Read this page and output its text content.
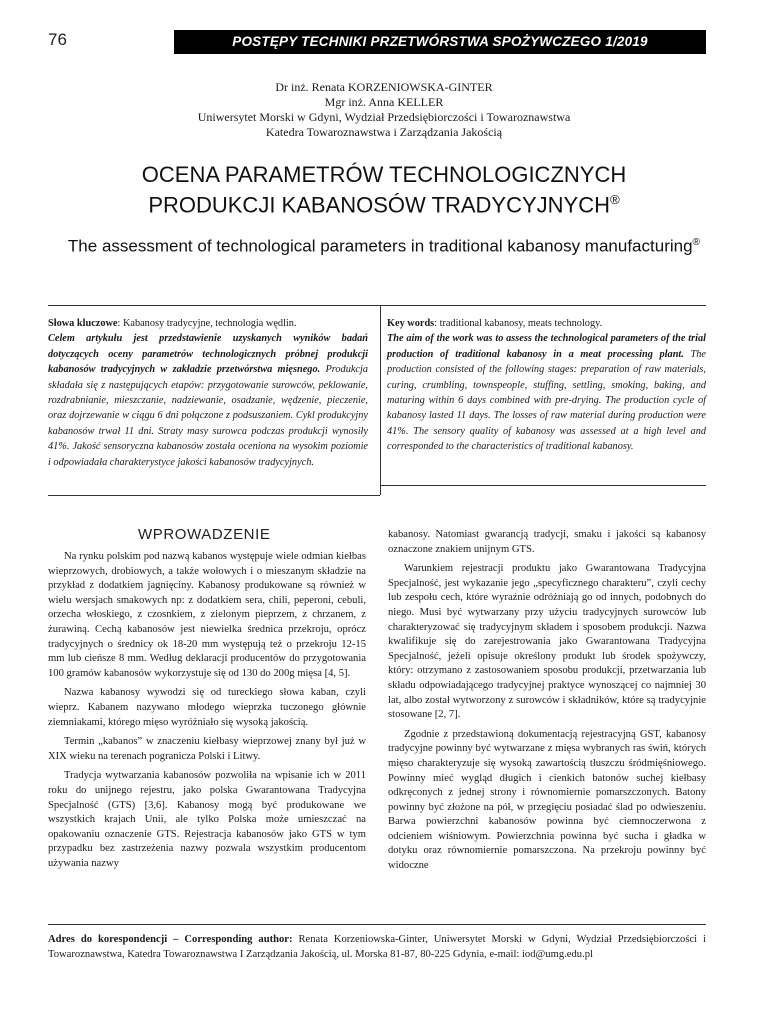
76	POSTĘPY TECHNIKI PRZETWÓRSTWA SPOŻYWCZEGO 1/2019
Dr inż. Renata KORZENIOWSKA-GINTER
Mgr inż. Anna KELLER
Uniwersytet Morski w Gdyni, Wydział Przedsiębiorczości i Towaroznawstwa
Katedra Towaroznawstwa i Zarządzania Jakością
OCENA PARAMETRÓW TECHNOLOGICZNYCH
PRODUKCJI KABANOSÓW TRADYCYJNYCH®
The assessment of technological parameters in traditional kabanosy manufacturing®
Słowa kluczowe: Kabanosy tradycyjne, technologia wędlin.
Celem artykułu jest przedstawienie uzyskanych wyników badań dotyczących oceny parametrów technologicznych próbnej produkcji kabanosów tradycyjnych w zakładzie przetwórstwa mięsnego. Produkcja składała się z następujących etapów: przygotowanie surowców, peklowanie, rozdrabnianie, mieszczanie, nadziewanie, osadzanie, wędzenie, pieczenie, oraz dojrzewanie w ciągu 6 dni połączone z podsuszaniem. Cykl produkcyjny kabanosów trwał 11 dni. Straty masy surowca podczas produkcji wynosiły 41%. Jakość sensoryczna kabanosów została oceniona na wysokim poziomie i odpowiadała charakterystyce jakości kabanosów tradycyjnych.
Key words: traditional kabanosy, meats technology.
The aim of the work was to assess the technological parameters of the trial production of traditional kabanosy in a meat processing plant. The production consisted of the following stages: preparation of raw materials, curing, crumbling, townspeople, stuffing, settling, smoking, baking, and maturing within 6 days combined with pre-drying. The production cycle of kabanosy lasted 11 days. The losses of raw material during production were 41%. The sensory quality of kabanosy was assessed at a high level and corresponded to the characteristics of traditional kabanosy.
WPROWADZENIE

Na rynku polskim pod nazwą kabanos występuje wiele odmian kiełbas wieprzowych, drobiowych, a także wołowych i o mieszanym składzie na przykład z dodatkiem jagnięciny. Kabanosy produkowane są również w wielu wersjach smakowych np: z dodatkiem sera, chili, peperoni, cebuli, orzecha włoskiego, z czosnkiem, z zielonym pieprzem, z chrzanem, z żurawiną. Cechą kabanosów jest niewielka średnica przekroju, oprócz tradycyjnych o średnicy ok 18-20 mm występują też o przekroju 12-15 mm lub cieńsze 8 mm. Według deklaracji producentów do przygotowania 100 gramów kabanosów wykorzystuje się od 130 do 200g mięsa [4, 5].

Nazwa kabanosy wywodzi się od tureckiego słowa kaban, czyli wieprz. Kabanem nazywano młodego wieprzka tuczonego głównie ziemniakami, którego mięso wyróżniało się wysoką jakością.

Termin „kabanos” w znaczeniu kiełbasy wieprzowej znany był już w XIX wieku na terenach pogranicza Polski i Litwy.

Tradycja wytwarzania kabanosów pozwoliła na wpisanie ich w 2011 roku do unijnego rejestru, jako polska Gwarantowana Tradycyjna Specjalność (GTS) [3,6]. Kabanosy mogą być produkowane we wszystkich krajach Unii, ale tylko Polska może umieszczać na opakowaniu oznaczenie GTS. Rejestracja kabanosów jako GTS w tym przypadku bez zastrzeżenia nazwy pozwala wszystkim producentom używania nazwy

kabanosy. Natomiast gwarancją tradycji, smaku i jakości są kabanosy oznaczone znakiem unijnym GTS.

Warunkiem rejestracji produktu jako Gwarantowana Tradycyjna Specjalność, jest wykazanie jego „specyficznego charakteru”, czyli cechy lub zespołu cech, które wyraźnie odróżniają go od innych, podobnych do niego. Musi być wytwarzany przy użyciu tradycyjnych surowców lub charakteryzować się tradycyjnym składem i sposobem produkcji. Nazwa kwalifikuje się do zarejestrowania jako Gwarantowana Tradycyjna Specjalność, jeżeli opisuje określony produkt lub środek spożywczy, który: otrzymano z zastosowaniem sposobu produkcji, przetwarzania lub składu odpowiadającego tradycyjnej praktyce wynoszącej co najmniej 30 lat, albo został wytworzony z surowców i składników, które są tradycyjnie stosowane [2, 7].

Zgodnie z przedstawioną dokumentacją rejestracyjną GST, kabanosy tradycyjne powinny być wytwarzane z mięsa wybranych ras świń, których mięso charakteryzuje się wysoką zawartością tłuszczu śródmięśniowego. Powinny mieć wygląd długich i cienkich batonów suchej kiełbasy odkręconych z jednej strony i równomiernie pomarszczonych. Batony powinny być złożone na pół, w przegięciu posiadać ślad po odwieszeniu. Barwa powierzchni kabanosów powinna być ciemnoczerwona z odcieniem wiśniowym. Powierzchnia powinna być sucha i gładka w dotyku oraz równomiernie pomarszczona. Na przekroju powinny być widoczne

Adres do korespondencji – Corresponding author: Renata Korzeniowska-Ginter, Uniwersytet Morski w Gdyni, Wydział Przedsiębiorczości i Towaroznawstwa, Katedra Towaroznawstwa I Zarządzania Jakością, ul. Morska 81-87, 80-225 Gdynia, e-mail: iod@umg.edu.pl
